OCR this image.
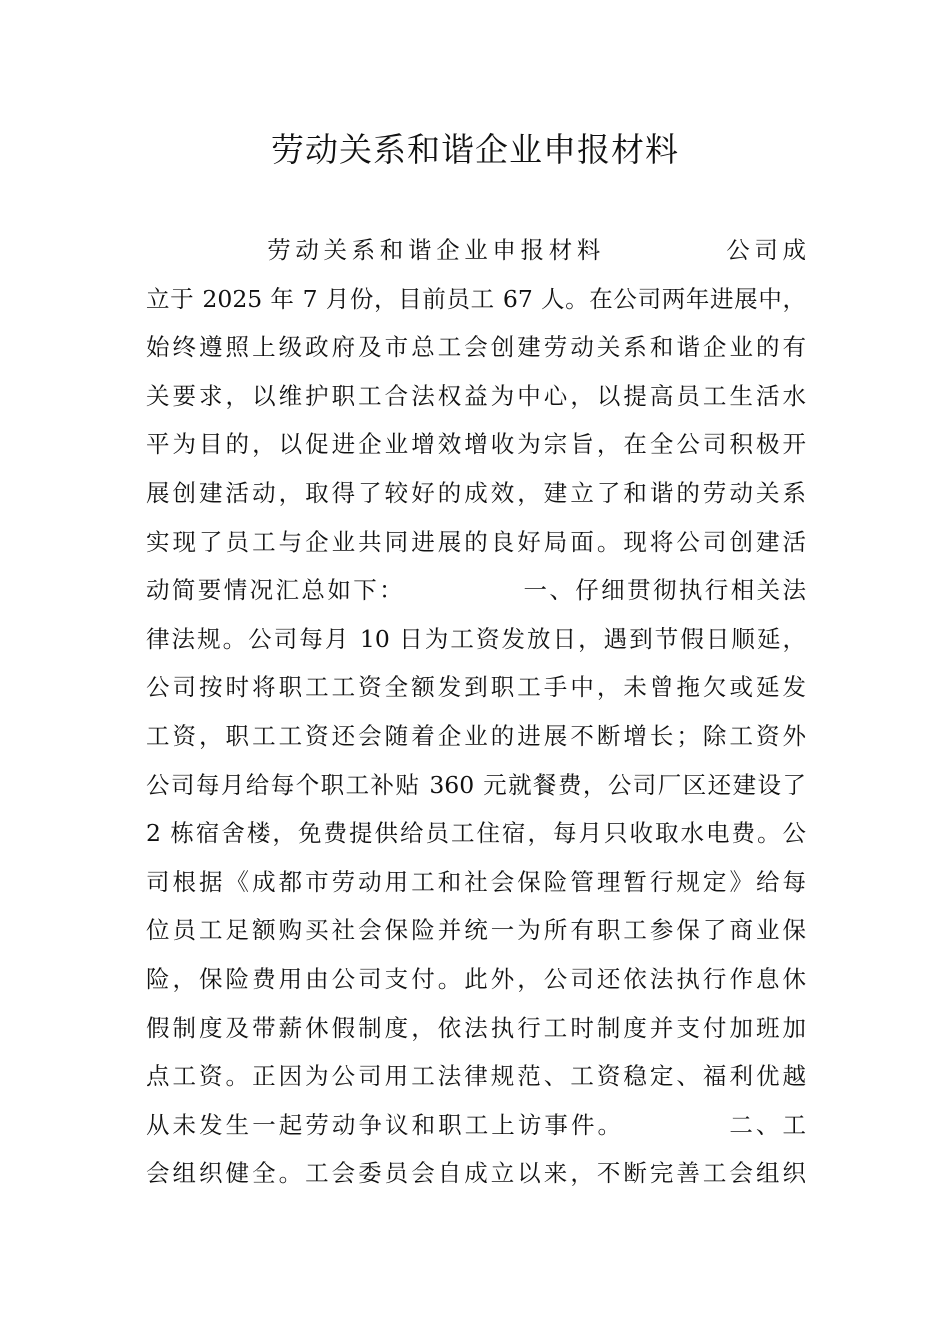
劳动关系和谐企业申报材料
劳动关系和谐企业申报材料          公司成
立于 2025 年 7 月份，目前员工 67 人。在公司两年进展中，
始终遵照上级政府及市总工会创建劳动关系和谐企业的有
关要求，以维护职工合法权益为中心，以提高员工生活水
平为目的，以促进企业增效增收为宗旨，在全公司积极开
展创建活动，取得了较好的成效，建立了和谐的劳动关系
实现了员工与企业共同进展的良好局面。现将公司创建活
动简要情况汇总如下：            一、仔细贯彻执行相关法
律法规。公司每月 10 日为工资发放日，遇到节假日顺延，
公司按时将职工工资全额发到职工手中，未曾拖欠或延发
工资，职工工资还会随着企业的进展不断增长；除工资外
公司每月给每个职工补贴 360 元就餐费，公司厂区还建设了
2 栋宿舍楼，免费提供给员工住宿，每月只收取水电费。公
司根据《成都市劳动用工和社会保险管理暂行规定》给每
位员工足额购买社会保险并统一为所有职工参保了商业保
险，保险费用由公司支付。此外，公司还依法执行作息休
假制度及带薪休假制度，依法执行工时制度并支付加班加
点工资。正因为公司用工法律规范、工资稳定、福利优越
从未发生一起劳动争议和职工上访事件。          二、工
会组织健全。工会委员会自成立以来，不断完善工会组织
